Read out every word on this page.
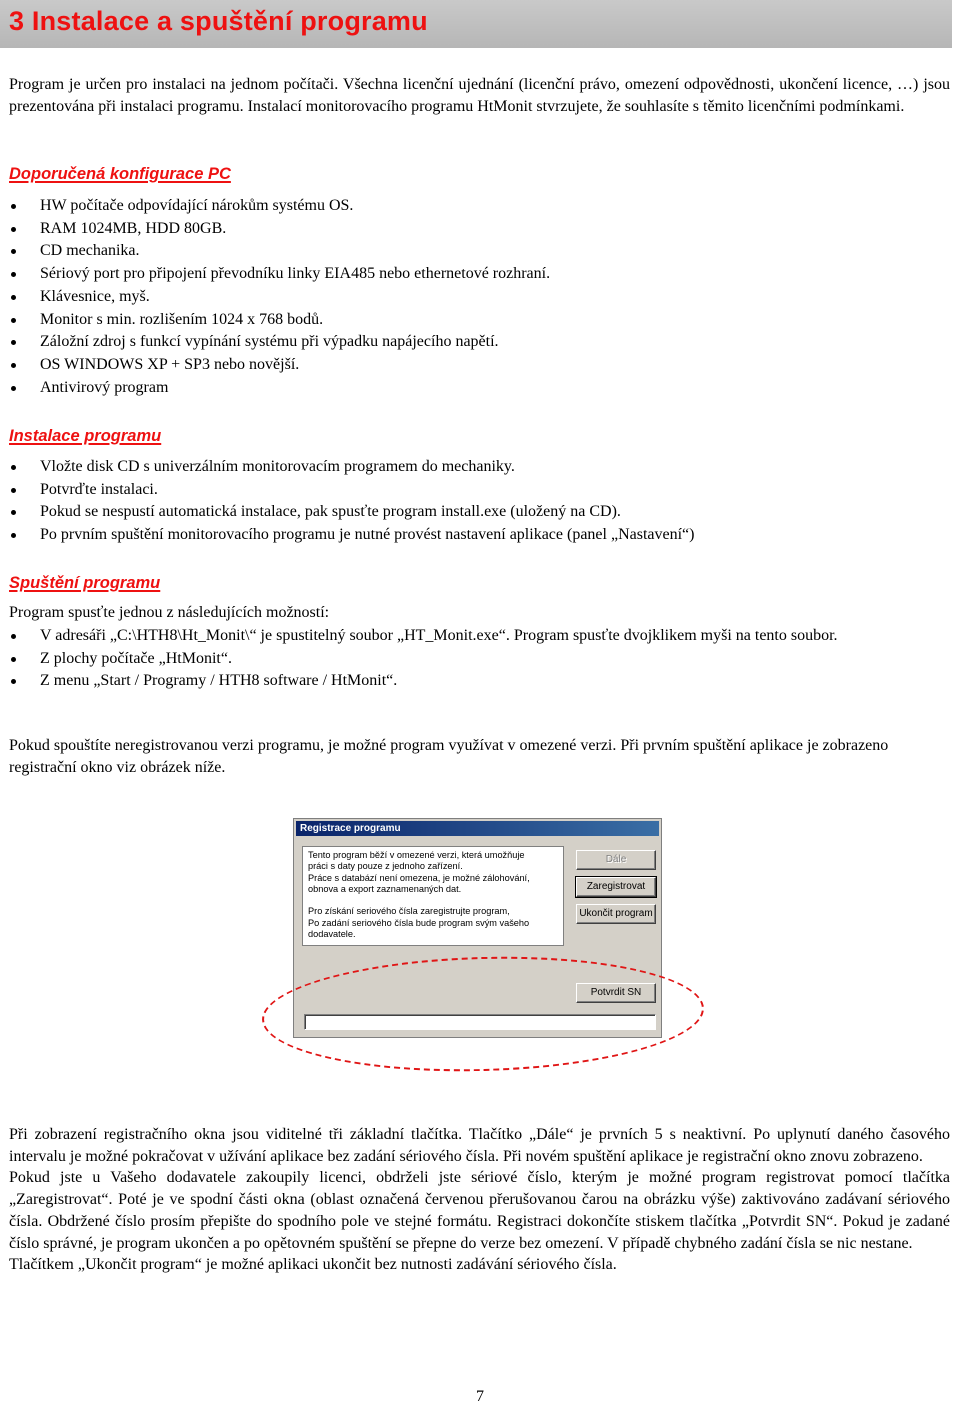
3 Instalace a spuštění programu

Program je určen pro instalaci na jednom počítači. Všechna licenční ujednání (licenční právo, omezení odpovědnosti, ukončení licence, …) jsou prezentována při instalaci programu. Instalací monitorovacího programu HtMonit stvrzujete, že souhlasíte s těmito licenčními podmínkami.

Doporučená konfigurace PC
HW počítače odpovídající nárokům systému OS.
RAM 1024MB, HDD 80GB.
CD mechanika.
Sériový port pro připojení převodníku linky EIA485 nebo ethernetové rozhraní.
Klávesnice, myš.
Monitor s min. rozlišením 1024 x 768 bodů.
Záložní zdroj s funkcí vypínání systému při výpadku napájecího napětí.
OS WINDOWS XP + SP3 nebo novější.
Antivirový program
Instalace programu
Vložte disk CD s univerzálním monitorovacím programem do mechaniky.
Potvrďte instalaci.
Pokud se nespustí automatická instalace, pak spusťte program install.exe (uložený na CD).
Po prvním spuštění monitorovacího programu je nutné provést nastavení aplikace (panel „Nastavení“)
Spuštění programu

Program spusťte jednou z následujících možností:

V adresáři „C:\HTH8\Ht_Monit\“ je spustitelný soubor „HT_Monit.exe“. Program spusťte dvojklikem myši na tento soubor.
Z plochy počítače „HtMonit“.
Z menu „Start / Programy / HTH8 software / HtMonit“.

Pokud spouštíte neregistrovanou verzi programu, je možné program využívat v omezené verzi. Při prvním spuštění aplikace je zobrazeno registrační okno viz obrázek níže.

Registrace programu
Tento program běží v omezené verzi, která umožňuje
práci s daty pouze z jednoho zařízení.
Práce s databází není omezena, je možné zálohování,
obnova a export zaznamenaných dat.

Pro získání seriového čísla zaregistrujte program,
Po zadání seriového čísla bude program svým vašeho
dodavatele.
Dále
Zaregistrovat
Ukončit program
Potvrdit SN
Při zobrazení registračního okna jsou viditelné tři základní tlačítka. Tlačítko „Dále“ je prvních 5 s neaktivní. Po uplynutí daného časového intervalu je možné pokračovat v užívání aplikace bez zadání sériového čísla. Při novém spuštění aplikace je registrační okno znovu zobrazeno.
Pokud jste u Vašeho dodavatele zakoupily licenci, obdrželi jste sériové číslo, kterým je možné program registrovat pomocí tlačítka „Zaregistrovat“. Poté je ve spodní části okna (oblast označená červenou přerušovanou čarou na obrázku výše) zaktivováno zadávaní sériového čísla. Obdržené číslo prosím přepište do spodního pole ve stejné formátu. Registraci dokončíte stiskem tlačítka „Potvrdit SN“. Pokud je zadané číslo správné, je program ukončen a po opětovném spuštění se přepne do verze bez omezení. V případě chybného zadání čísla se nic nestane.
Tlačítkem „Ukončit program“ je možné aplikaci ukončit bez nutnosti zadávání sériového čísla.
7
